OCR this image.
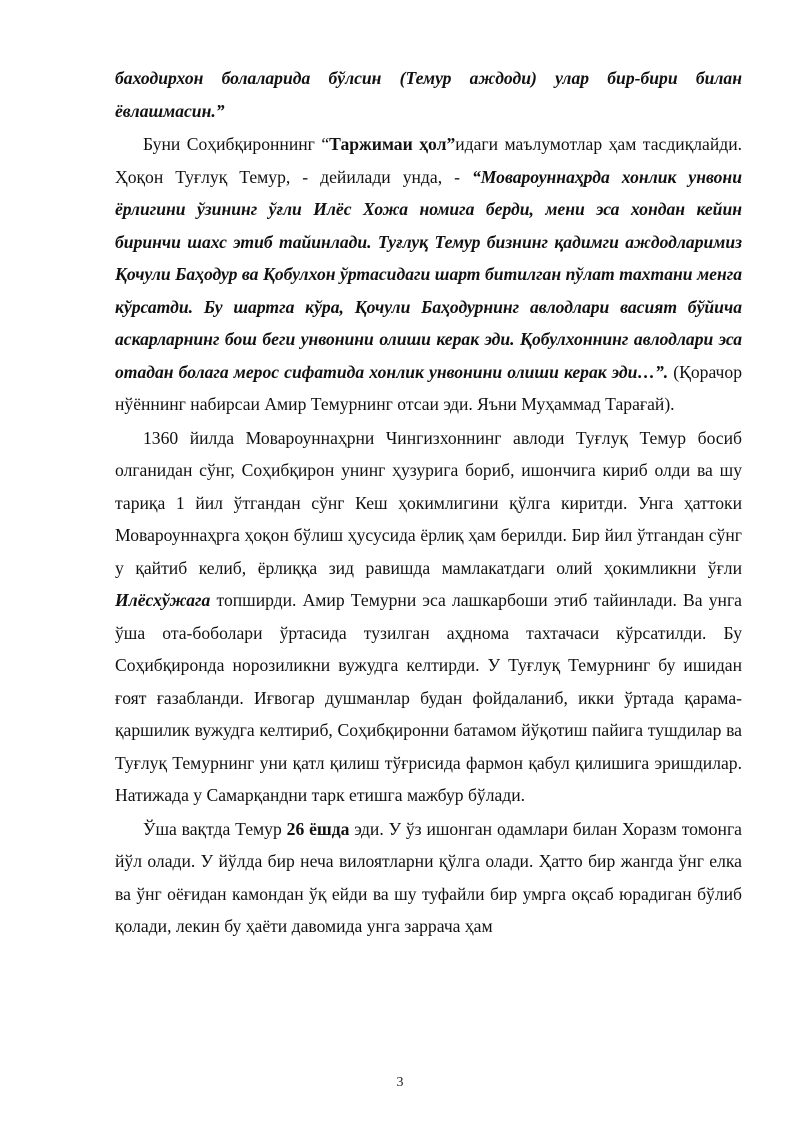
баходирхон болаларида бўлсин (Темур аждоди) улар бир-бири билан ёвлашмасин.”

Буни Соҳибқироннинг “Таржимаи ҳол”идаги маълумотлар ҳам тасдиқлайди. Ҳоқон Туғлуқ Темур, - дейилади унда, - “Мовароуннаҳрда хонлик унвони ёрлигини ўзининг ўғли Илёс Хожа номига берди, мени эса хондан кейин биринчи шахс этиб тайинлади. Туғлуқ Темур бизнинг қадимги аждодларимиз Қочули Баҳодур ва Қобулхон ўртасидаги шарт битилган пўлат тахтани менга кўрсатди. Бу шартга кўра, Қочули Баҳодурнинг авлодлари васият бўйича аскарларнинг бош беги унвонини олиши керак эди. Қобулхоннинг авлодлари эса отадан болага мерос сифатида хонлик унвонини олиши керак эди…”. (Қорачор нўённинг набирсаи Амир Темурнинг отсаи эди. Яъни Муҳаммад Тарағай).

1360 йилда Мовароуннаҳрни Чингизхоннинг авлоди Туғлуқ Темур босиб олганидан сўнг, Соҳибқирон унинг ҳузурига бориб, ишончига кириб олди ва шу тариқа 1 йил ўтгандан сўнг Кеш ҳокимлигини қўлга киритди. Унга ҳаттоки Мовароуннаҳрга ҳоқон бўлиш ҳусусида ёрлиқ ҳам берилди. Бир йил ўтгандан сўнг у қайтиб келиб, ёрлиққа зид равишда мамлакатдаги олий ҳокимликни ўғли Илёсхўжага топширди. Амир Темурни эса лашкарбоши этиб тайинлади. Ва унга ўша ота-боболари ўртасида тузилган аҳднома тахтачаси кўрсатилди. Бу Соҳибқиронда норозиликни вужудга келтирди. У Туғлуқ Темурнинг бу ишидан ғоят ғазабланди. Иғвогар душманлар будан фойдаланиб, икки ўртада қарама-қаршилик вужудга келтириб, Соҳибқиронни батамом йўқотиш пайига тушдилар ва Туғлуқ Темурнинг уни қатл қилиш тўғрисида фармон қабул қилишига эришдилар. Натижада у Самарқандни тарк етишга мажбур бўлади.

Ўша вақтда Темур 26 ёшда эди. У ўз ишонган одамлари билан Хоразм томонга йўл олади. У йўлда бир неча вилоятларни қўлга олади. Ҳатто бир жангда ўнг елка ва ўнг оёғидан камондан ўқ ейди ва шу туфайли бир умрга оқсаб юрадиган бўлиб қолади, лекин бу ҳаёти давомида унга заррача ҳам

3
